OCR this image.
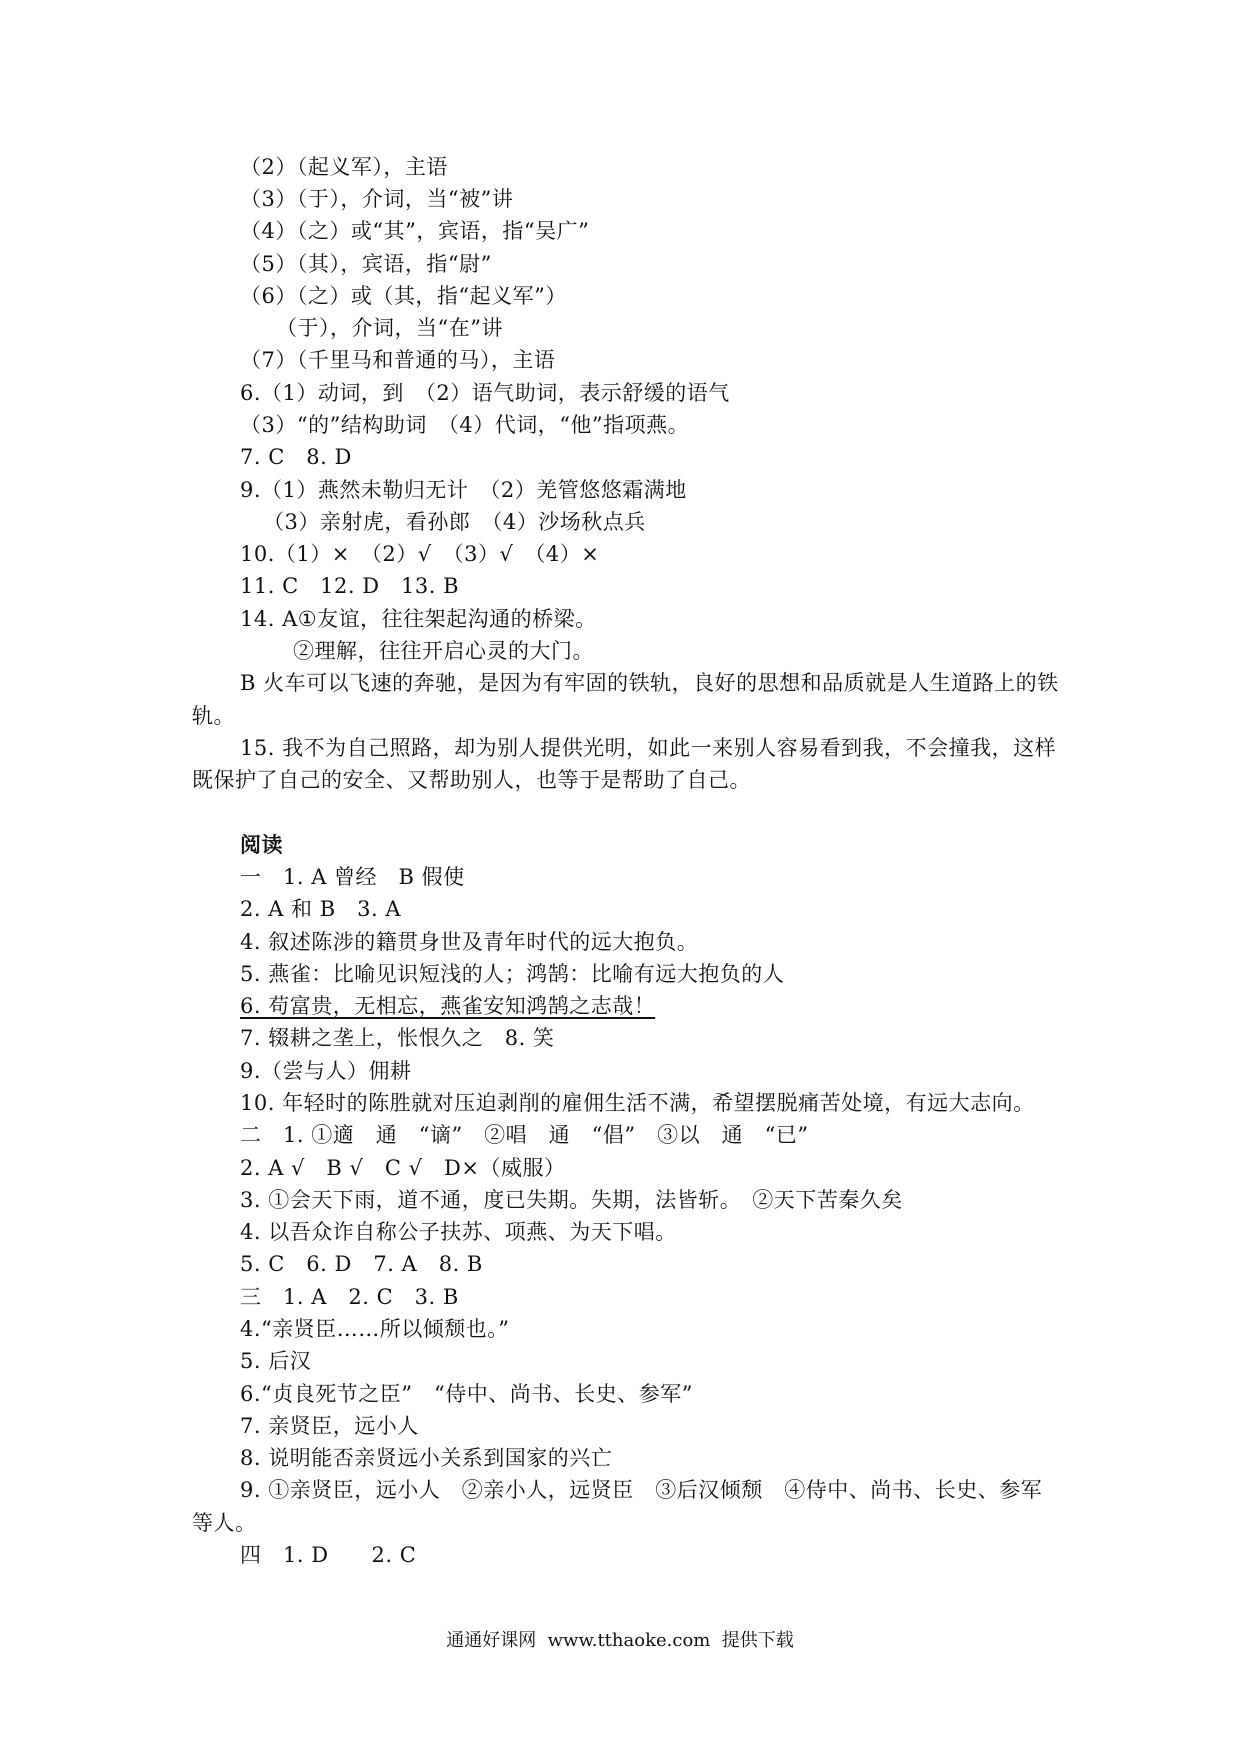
（2）（起义军），主语
（3）（于），介词，当“被”讲
（4）（之）或“其”，宾语，指“吴广”
（5）（其），宾语，指“尉”
（6）（之）或（其，指“起义军”）
（于），介词，当“在”讲
（7）（千里马和普通的马），主语
6.（1）动词，到　（2）语气助词，表示舒缓的语气
（3）“的”结构助词　（4）代词，“他”指项燕。
7. C　8. D
9.（1）燕然未勒归无计　（2）羌管悠悠霜满地
（3）亲射虎，看孙郎　（4）沙场秋点兵
10.（1）×　（2）√　（3）√　（4）×
11. C　12. D　13. B
14. A①友谊，往往架起沟通的桥梁。
②理解，往往开启心灵的大门。
B 火车可以飞速的奔驰，是因为有牢固的铁轨，良好的思想和品质就是人生道路上的铁
轨。
15. 我不为自己照路，却为别人提供光明，如此一来别人容易看到我，不会撞我，这样
既保护了自己的安全、又帮助别人，也等于是帮助了自己。
阅读
一　1. A 曾经　B 假使
2. A 和 B　3. A
4. 叙述陈涉的籍贯身世及青年时代的远大抱负。
5. 燕雀：比喻见识短浅的人；鸿鹄：比喻有远大抱负的人
6. 苟富贵，无相忘，燕雀安知鸿鹄之志哉！
7. 辍耕之垄上，怅恨久之　8. 笑
9.（尝与人）佣耕
10. 年轻时的陈胜就对压迫剥削的雇佣生活不满，希望摆脱痛苦处境，有远大志向。
二　1. ①適　通　“谪”　②唱　通　“倡”　③以　通　“已”
2. A √　B √　C √　D×（威服）
3. ①会天下雨，道不通，度已失期。失期，法皆斩。　②天下苦秦久矣
4. 以吾众诈自称公子扶苏、项燕、为天下唱。
5. C　6. D　7. A　8. B
三　1. A　2. C　3. B
4.“亲贤臣……所以倾颓也。”
5. 后汉
6.“贞良死节之臣”　“侍中、尚书、长史、参军”
7. 亲贤臣，远小人
8. 说明能否亲贤远小关系到国家的兴亡
9. ①亲贤臣，远小人　②亲小人，远贤臣　③后汉倾颓　④侍中、尚书、长史、参军
等人。
四　1. D　　2. C
通通好课网  www.tthaoke.com  提供下载
